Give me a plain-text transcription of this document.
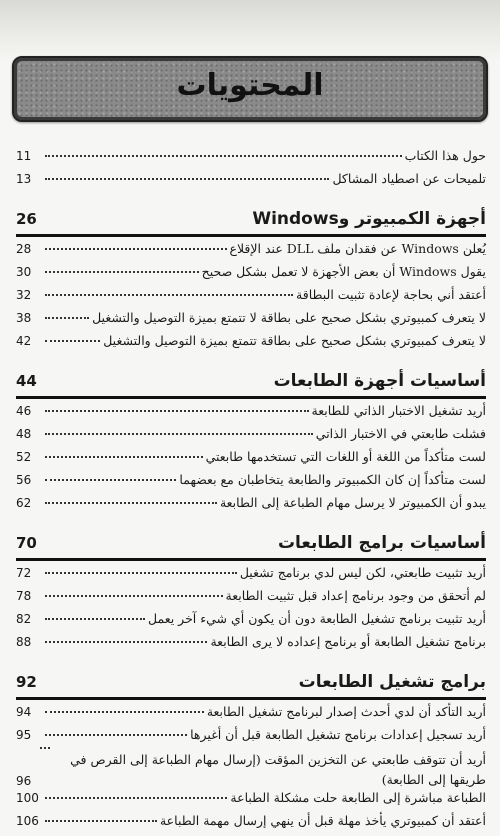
المحتويات
حول هذا الكتاب
11
تلميحات عن اصطياد المشاكل
13
أجهزة الكمبيوتر وWindows
26
يُعلن Windows عن فقدان ملف DLL عند الإقلاع
28
يقول Windows أن بعض الأجهزة لا تعمل بشكل صحيح
30
أعتقد أني بحاجة لإعادة تثبيت البطاقة
32
لا يتعرف كمبيوتري بشكل صحيح على بطاقة لا تتمتع بميزة التوصيل والتشغيل
38
لا يتعرف كمبيوتري بشكل صحيح على بطاقة تتمتع بميزة التوصيل والتشغيل
42
أساسيات أجهزة الطابعات
44
أريد تشغيل الاختبار الذاتي للطابعة
46
فشلت طابعتي في الاختبار الذاتي
48
لست متأكداً من اللغة أو اللغات التي تستخدمها طابعتي
52
لست متأكداً إن كان الكمبيوتر والطابعة يتخاطبان مع بعضهما
56
يبدو أن الكمبيوتر لا يرسل مهام الطباعة إلى الطابعة
62
أساسيات برامج الطابعات
70
أريد تثبيت طابعتي، لكن ليس لدي برنامج تشغيل
72
لم أتحقق من وجود برنامج إعداد قبل تثبيت الطابعة
78
أريد تثبيت برنامج تشغيل الطابعة دون أن يكون أي شيء آخر يعمل
82
برنامج تشغيل الطابعة أو برنامج إعداده لا يرى الطابعة
88
برامج تشغيل الطابعات
92
أريد التأكد أن لدي أحدث إصدار لبرنامج تشغيل الطابعة
94
أريد تسجيل إعدادات برنامج تشغيل الطابعة قبل أن أغيرها
95
أريد أن تتوقف طابعتي عن التخزين المؤقت (إرسال مهام الطباعة إلى القرص في طريقها إلى الطابعة)
96
الطباعة مباشرة إلى الطابعة حلت مشكلة الطباعة
100
أعتقد أن كمبيوتري يأخذ مهلة قبل أن ينهي إرسال مهمة الطباعة
106
